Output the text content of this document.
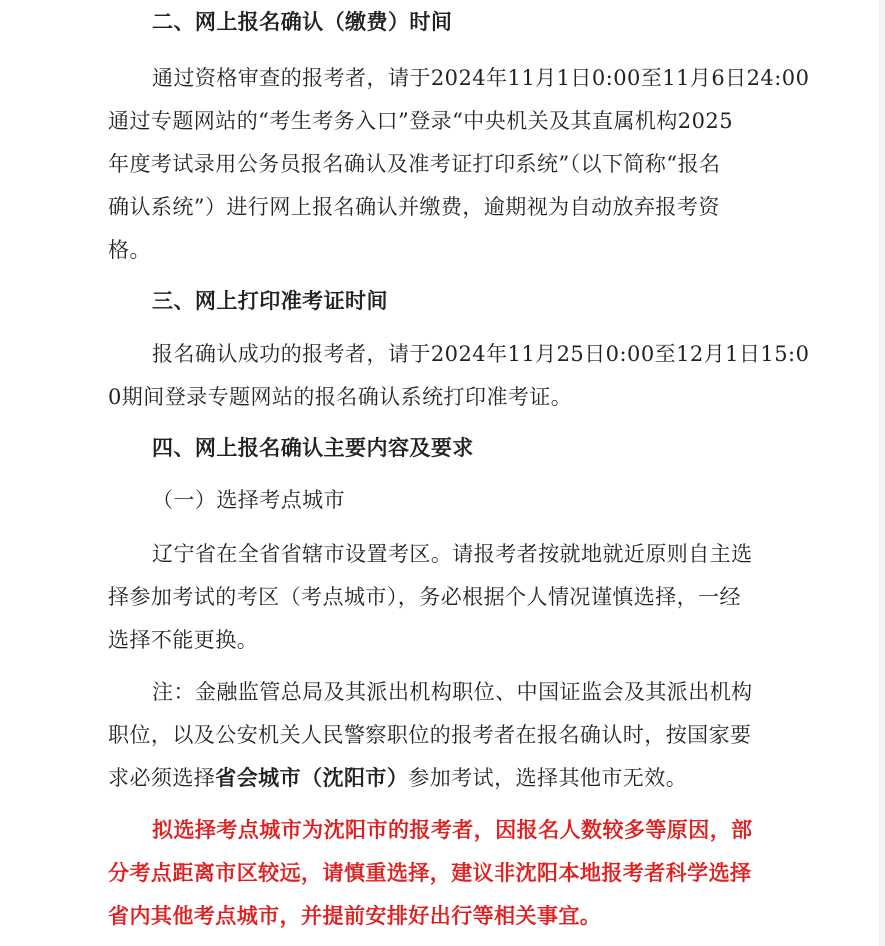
二、网上报名确认（缴费）时间
通过资格审查的报考者，请于2024年11月1日0:00至11月6日24:00
通过专题网站的“考生考务入口”登录“中央机关及其直属机构2025
年度考试录用公务员报名确认及准考证打印系统”（以下简称“报名
确认系统”）进行网上报名确认并缴费，逾期视为自动放弃报考资
格。
三、网上打印准考证时间
报名确认成功的报考者，请于2024年11月25日0:00至12月1日15:0
0期间登录专题网站的报名确认系统打印准考证。
四、网上报名确认主要内容及要求
（一）选择考点城市
辽宁省在全省省辖市设置考区。请报考者按就地就近原则自主选
择参加考试的考区（考点城市），务必根据个人情况谨慎选择，一经
选择不能更换。
注：金融监管总局及其派出机构职位、中国证监会及其派出机构
职位，以及公安机关人民警察职位的报考者在报名确认时，按国家要
求必须选择省会城市（沈阳市）参加考试，选择其他市无效。
拟选择考点城市为沈阳市的报考者，因报名人数较多等原因，部
分考点距离市区较远，请慎重选择，建议非沈阳本地报考者科学选择
省内其他考点城市，并提前安排好出行等相关事宜。
